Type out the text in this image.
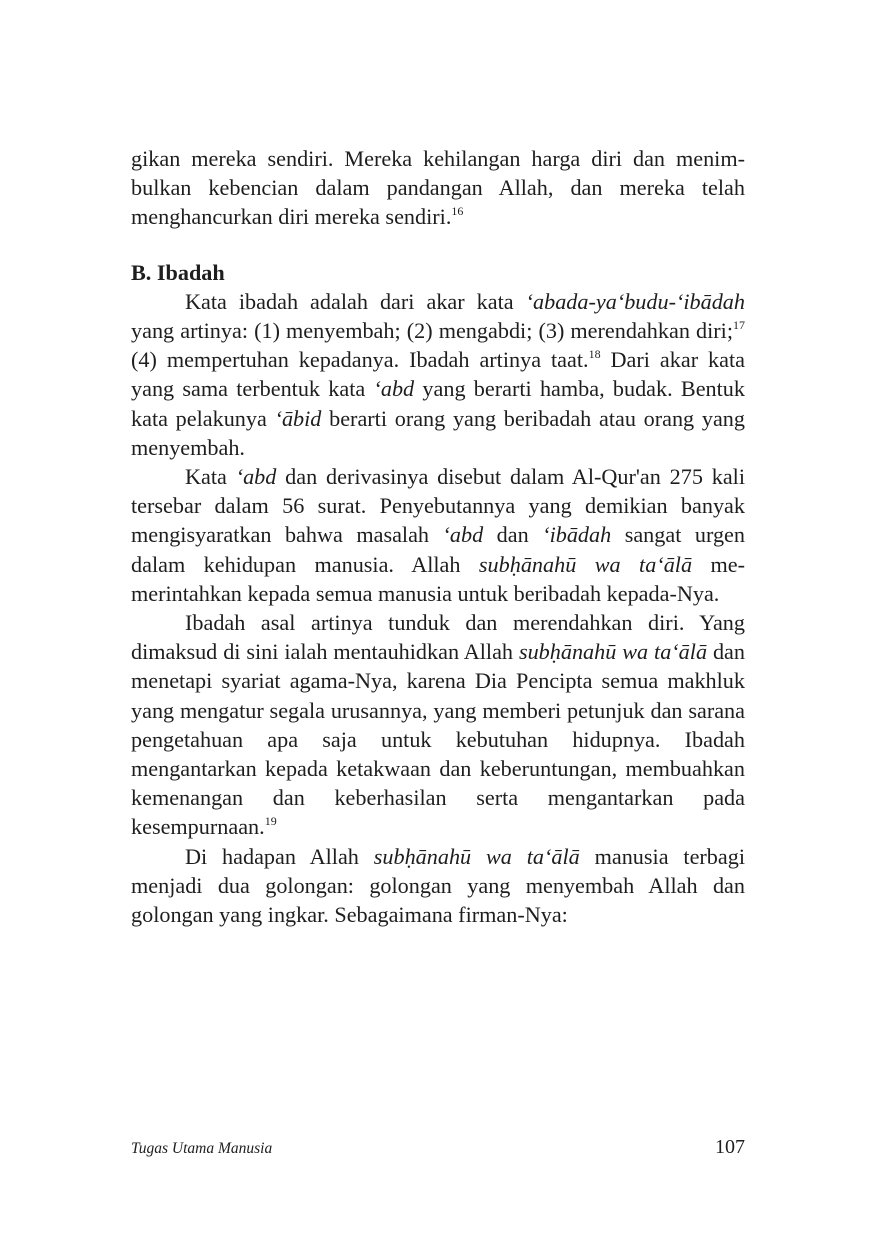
gikan mereka sendiri. Mereka kehilangan harga diri dan menimbulkan kebencian dalam pandangan Allah, dan mereka telah menghancurkan diri mereka sendiri.$^{16}$

B. Ibadah

Kata ibadah adalah dari akar kata ‘abada-ya‘budu-‘ibādah yang artinya: (1) menyembah; (2) mengabdi; (3) merendahkan diri;$^{17}$ (4) mempertuhan kepadanya. Ibadah artinya taat.$^{18}$ Dari akar kata yang sama terbentuk kata ‘abd yang berarti hamba, budak. Bentuk kata pelakunya ‘ābid berarti orang yang beribadah atau orang yang menyembah.

Kata ‘abd dan derivasinya disebut dalam Al-Qur'an 275 kali tersebar dalam 56 surat. Penyebutannya yang demikian banyak mengisyaratkan bahwa masalah ‘abd dan ‘ibādah sangat urgen dalam kehidupan manusia. Allah subḥānahū wa ta‘ālā memerintahkan kepada semua manusia untuk beribadah kepada-Nya.

Ibadah asal artinya tunduk dan merendahkan diri. Yang dimaksud di sini ialah mentauhidkan Allah subḥānahū wa ta‘ālā dan menetapi syariat agama-Nya, karena Dia Pencipta semua makhluk yang mengatur segala urusannya, yang memberi petunjuk dan sarana pengetahuan apa saja untuk kebutuhan hidupnya. Ibadah mengantarkan kepada ketakwaan dan keberuntungan, membuahkan kemenangan dan keberhasilan serta mengantarkan pada kesempurnaan.$^{19}$

Di hadapan Allah subḥānahū wa ta‘ālā manusia terbagi menjadi dua golongan: golongan yang menyembah Allah dan golongan yang ingkar. Sebagaimana firman-Nya:

Tugas Utama Manusia	107
